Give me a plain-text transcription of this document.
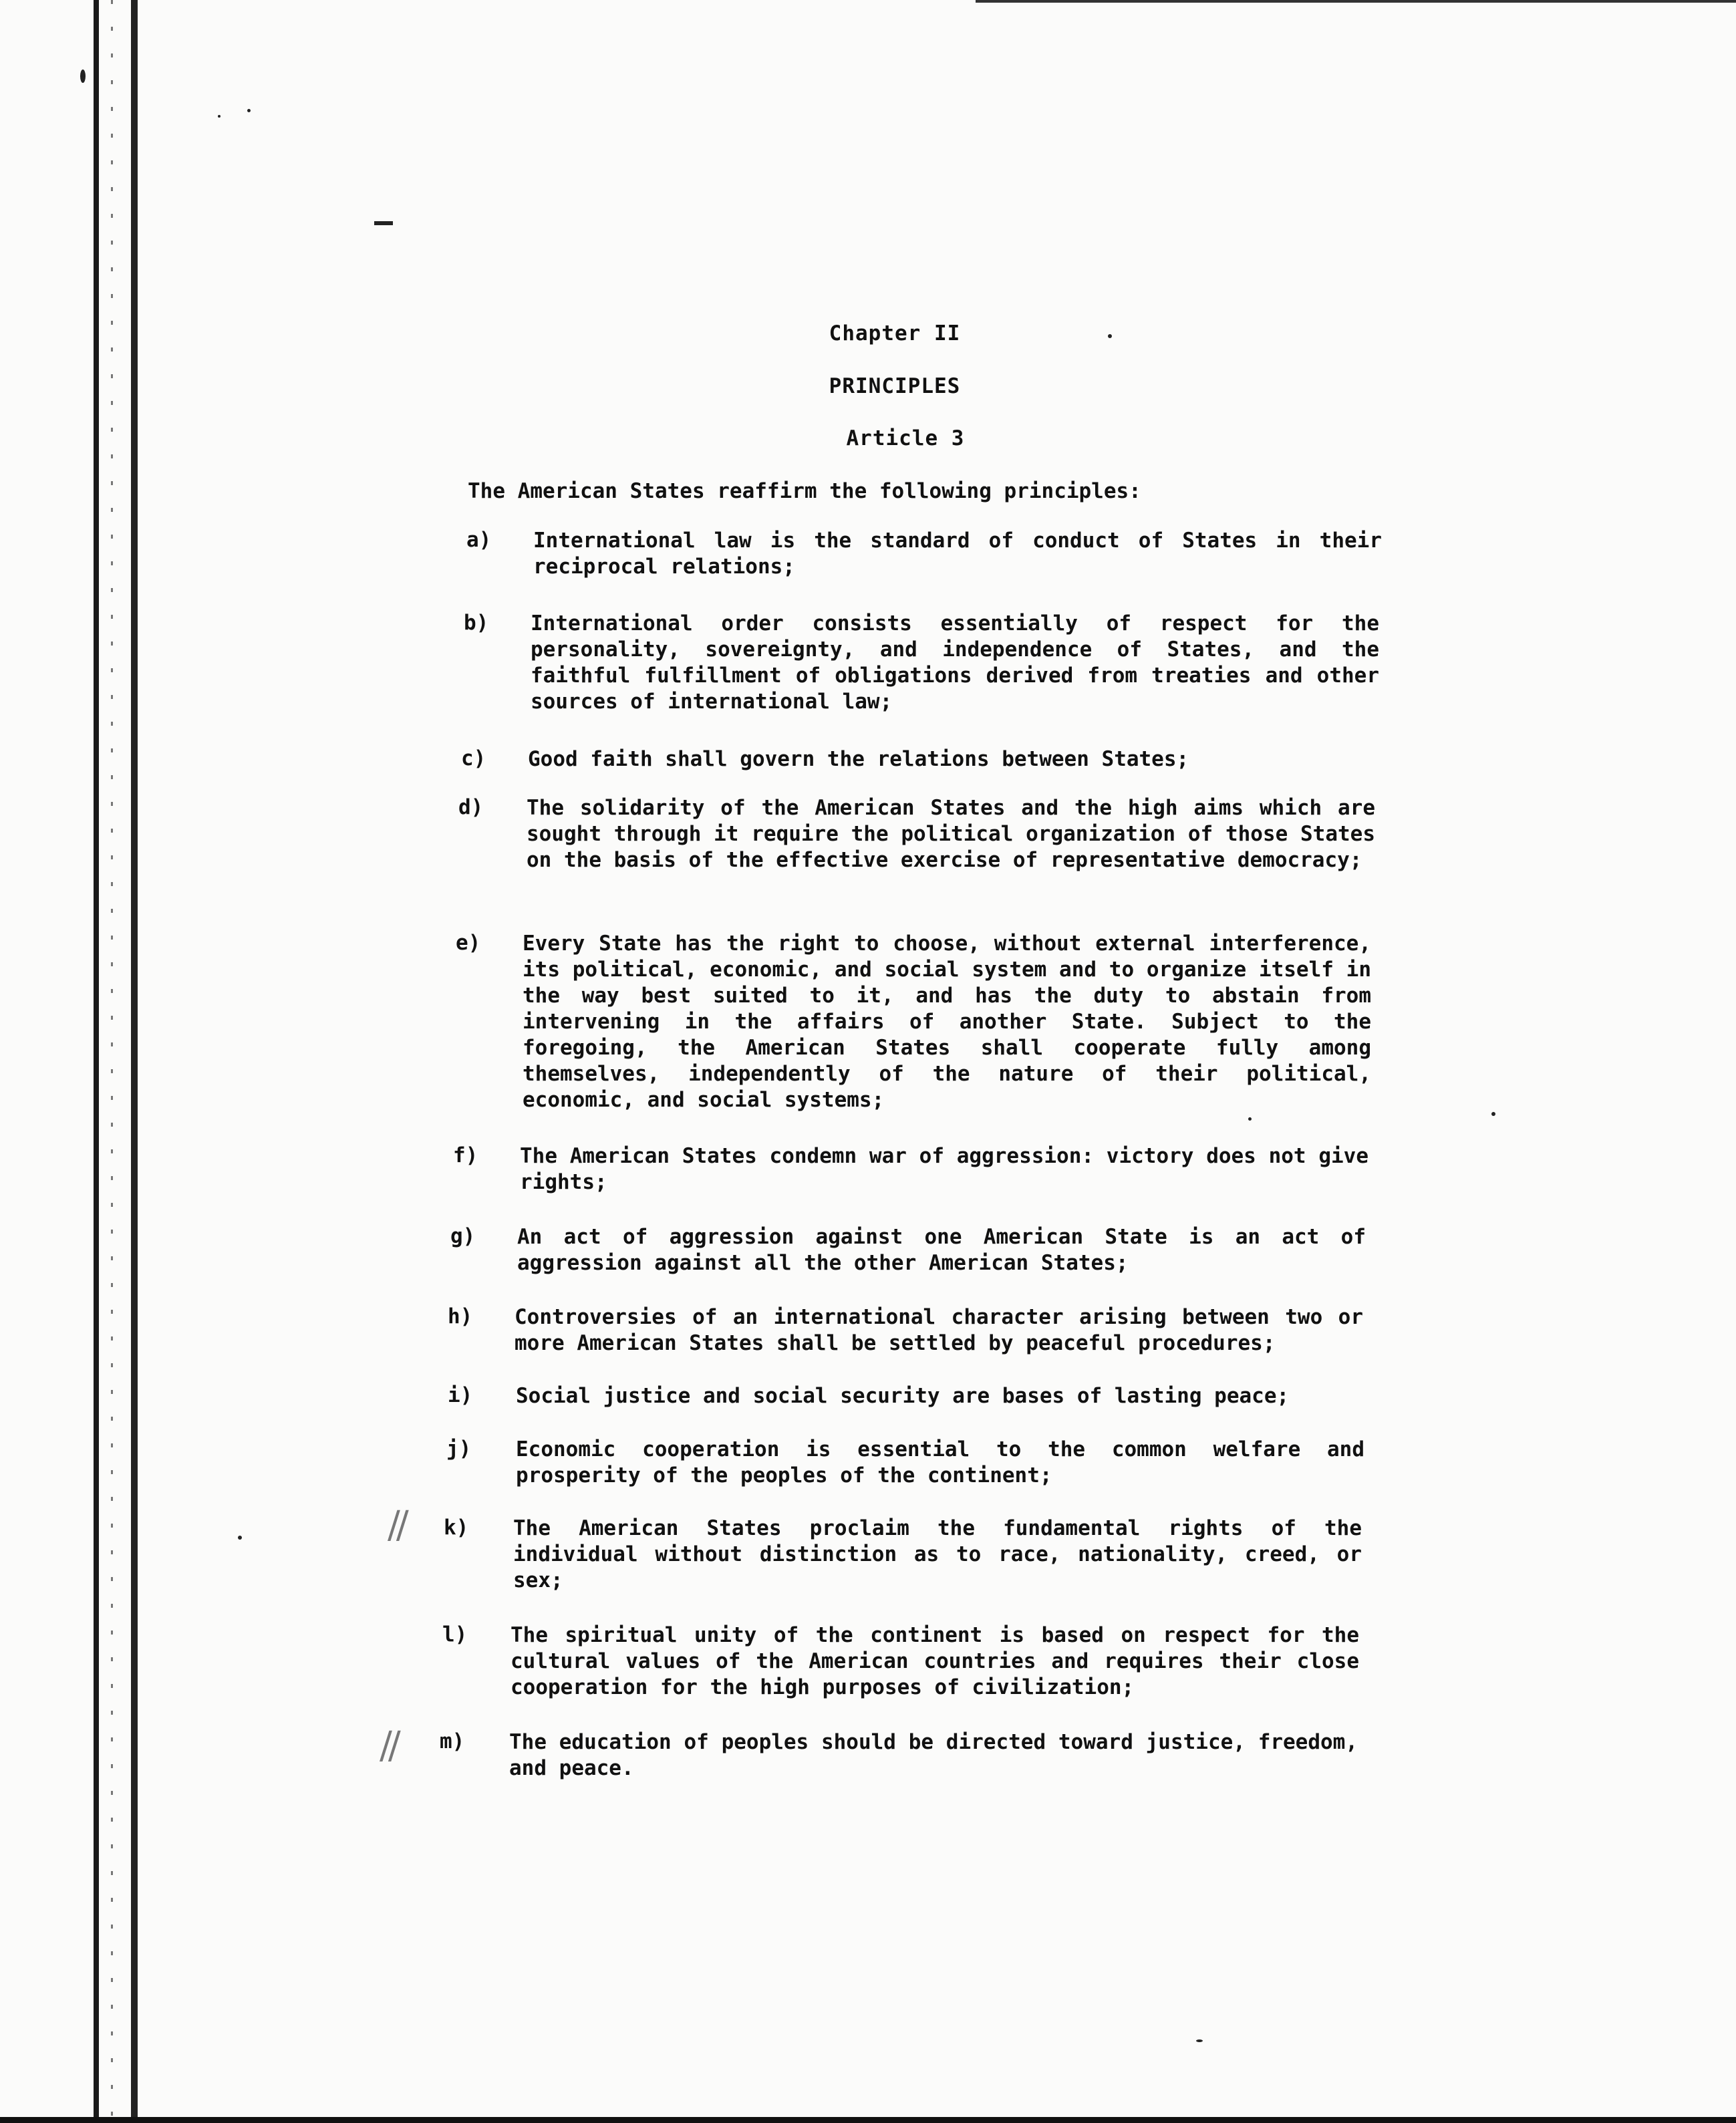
//
//
Chapter II
PRINCIPLES
Article 3
The American States reaffirm the following principles:
a) International law is the standard of conduct of States in their reciprocal relations;
b) International order consists essentially of respect for the personality, sovereignty, and independence of States, and the faithful fulfillment of obligations derived from treaties and other sources of international law;
c) Good faith shall govern the relations between States;
d) The solidarity of the American States and the high aims which are sought through it require the political organization of those States on the basis of the effective exercise of representative democracy;
e) Every State has the right to choose, without external interference, its political, economic, and social system and to organize itself in the way best suited to it, and has the duty to abstain from intervening in the affairs of another State. Subject to the foregoing, the American States shall cooperate fully among themselves, independently of the nature of their political, economic, and social systems;
f) The American States condemn war of aggression: victory does not give rights;
g) An act of aggression against one American State is an act of aggression against all the other American States;
h) Controversies of an international character arising between two or more American States shall be settled by peaceful procedures;
i) Social justice and social security are bases of lasting peace;
j) Economic cooperation is essential to the common welfare and prosperity of the peoples of the continent;
k) The American States proclaim the fundamental rights of the individual without distinction as to race, nationality, creed, or sex;
l) The spiritual unity of the continent is based on respect for the cultural values of the American countries and requires their close cooperation for the high purposes of civilization;
m) The education of peoples should be directed toward justice, freedom, and peace.
